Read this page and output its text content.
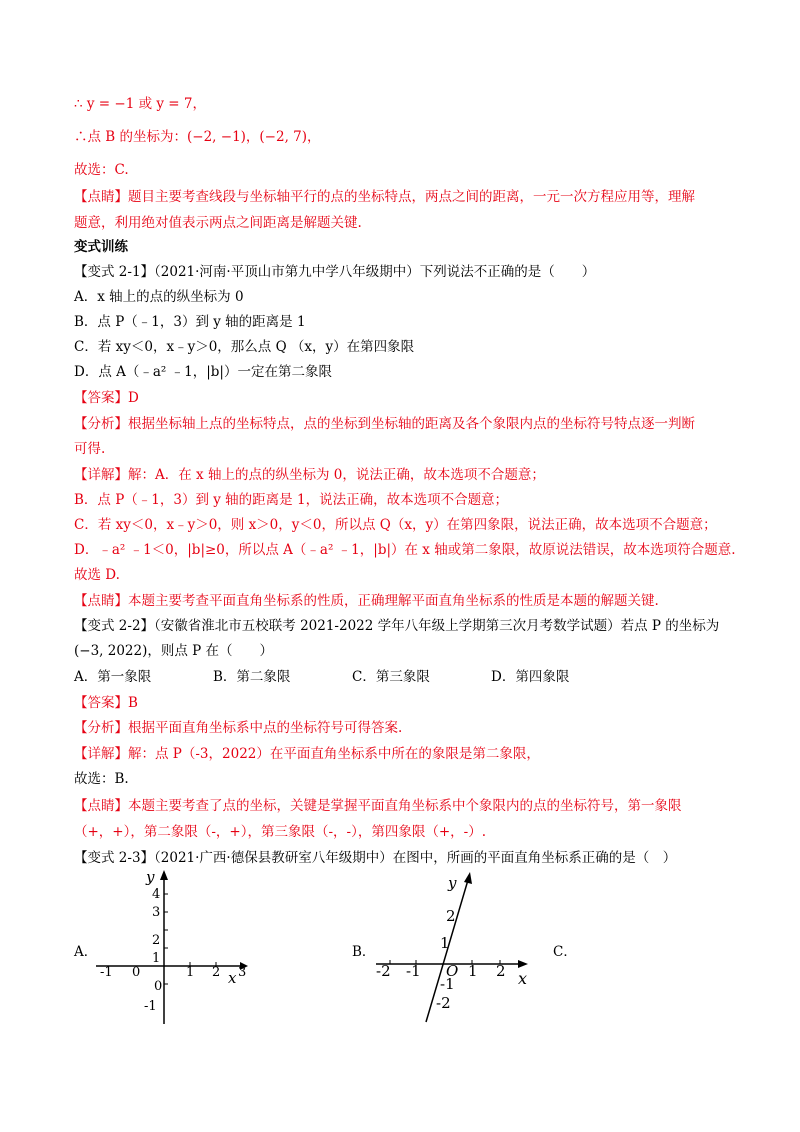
∴ y = −1 或 y = 7，
∴点 B 的坐标为：(−2, −1)，(−2, 7)，
故选：C.
【点睛】题目主要考查线段与坐标轴平行的点的坐标特点，两点之间的距离，一元一次方程应用等，理解
题意，利用绝对值表示两点之间距离是解题关键.
变式训练
【变式 2-1】（2021·河南·平顶山市第九中学八年级期中）下列说法不正确的是（　　）
A．x 轴上的点的纵坐标为 0
B．点 P（﹣1，3）到 y 轴的距离是 1
C．若 xy＜0，x﹣y＞0，那么点 Q （x，y）在第四象限
D．点 A（﹣a² ﹣1，|b|）一定在第二象限
【答案】D
【分析】根据坐标轴上点的坐标特点，点的坐标到坐标轴的距离及各个象限内点的坐标符号特点逐一判断
可得.
【详解】解：A．在 x 轴上的点的纵坐标为 0，说法正确，故本选项不合题意；
B．点 P（﹣1，3）到 y 轴的距离是 1，说法正确，故本选项不合题意；
C．若 xy＜0，x﹣y＞0，则 x＞0，y＜0，所以点 Q（x，y）在第四象限，说法正确，故本选项不合题意；
D．﹣a² ﹣1＜0，|b|≥0，所以点 A（﹣a² ﹣1，|b|）在 x 轴或第二象限，故原说法错误，故本选项符合题意.
故选 D.
【点睛】本题主要考查平面直角坐标系的性质，正确理解平面直角坐标系的性质是本题的解题关键.
【变式 2-2】（安徽省淮北市五校联考 2021-2022 学年八年级上学期第三次月考数学试题）若点 P 的坐标为
(−3, 2022)，则点 P 在（　　）
A．第一象限	B．第二象限	C．第三象限	D．第四象限
【答案】B
【分析】根据平面直角坐标系中点的坐标符号可得答案.
【详解】解：点 P（-3，2022）在平面直角坐标系中所在的象限是第二象限，
故选：B.
【点睛】本题主要考查了点的坐标，关键是掌握平面直角坐标系中个象限内的点的坐标符号，第一象限
（+，+），第二象限（-，+），第三象限（-，-），第四象限（+，-）.
【变式 2-3】（2021·广西·德保县教研室八年级期中）在图中，所画的平面直角坐标系正确的是（　）
A．	B．	C．
y
x
-1 0	1 2 3
4
3
2
1
0
-1
y
x
O
-2 -1	1 2
2
1
-1
-2
